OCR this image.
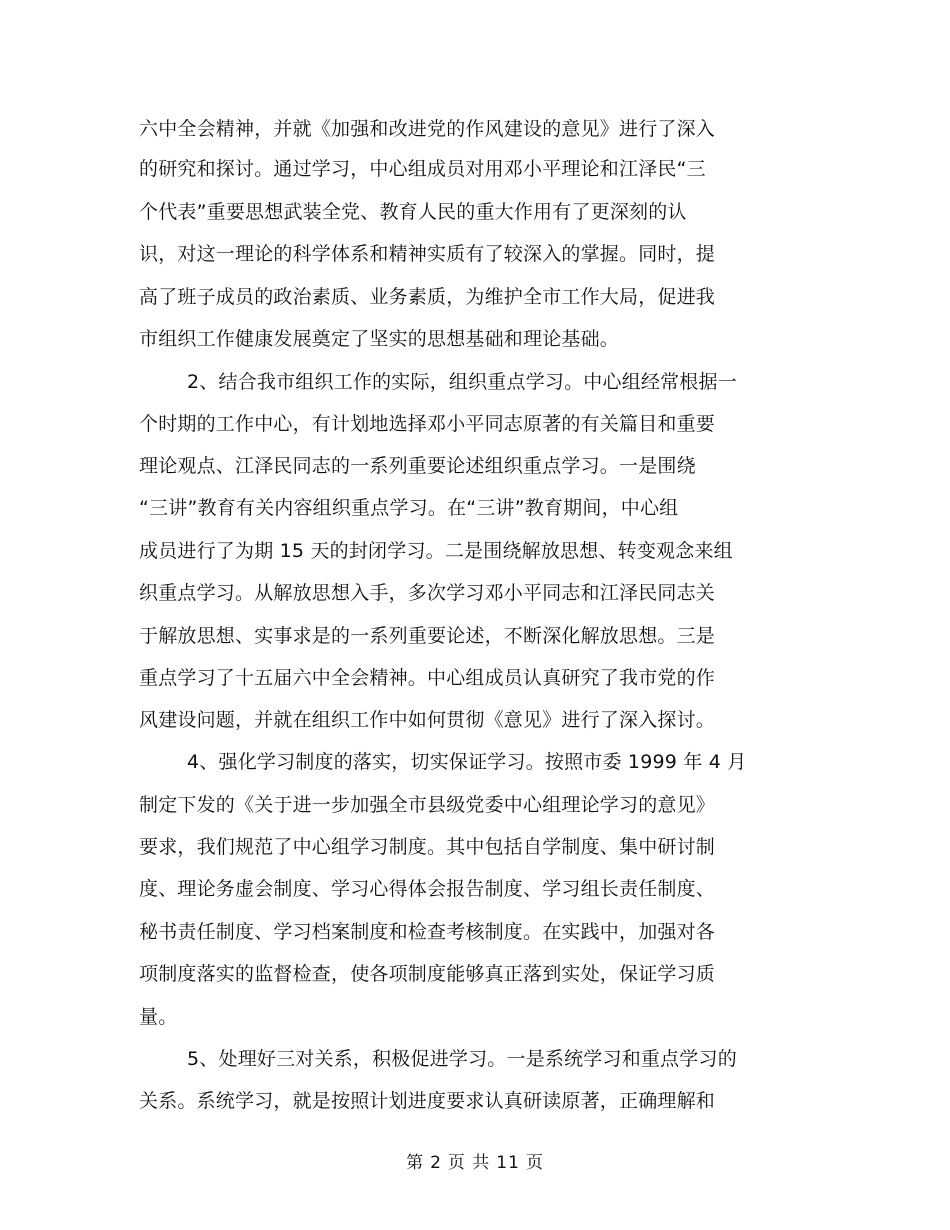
六中全会精神，并就《加强和改进党的作风建设的意见》进行了深入
的研究和探讨。通过学习，中心组成员对用邓小平理论和江泽民“三
个代表”重要思想武装全党、教育人民的重大作用有了更深刻的认
识，对这一理论的科学体系和精神实质有了较深入的掌握。同时，提
高了班子成员的政治素质、业务素质，为维护全市工作大局，促进我
市组织工作健康发展奠定了坚实的思想基础和理论基础。
2、结合我市组织工作的实际，组织重点学习。中心组经常根据一
个时期的工作中心，有计划地选择邓小平同志原著的有关篇目和重要
理论观点、江泽民同志的一系列重要论述组织重点学习。一是围绕
“三讲”教育有关内容组织重点学习。在“三讲”教育期间，中心组
成员进行了为期 15 天的封闭学习。二是围绕解放思想、转变观念来组
织重点学习。从解放思想入手，多次学习邓小平同志和江泽民同志关
于解放思想、实事求是的一系列重要论述，不断深化解放思想。三是
重点学习了十五届六中全会精神。中心组成员认真研究了我市党的作
风建设问题，并就在组织工作中如何贯彻《意见》进行了深入探讨。
4、强化学习制度的落实，切实保证学习。按照市委 1999 年 4 月
制定下发的《关于进一步加强全市县级党委中心组理论学习的意见》
要求，我们规范了中心组学习制度。其中包括自学制度、集中研讨制
度、理论务虚会制度、学习心得体会报告制度、学习组长责任制度、
秘书责任制度、学习档案制度和检查考核制度。在实践中，加强对各
项制度落实的监督检查，使各项制度能够真正落到实处，保证学习质
量。
5、处理好三对关系，积极促进学习。一是系统学习和重点学习的
关系。系统学习，就是按照计划进度要求认真研读原著，正确理解和
第 2 页 共 11 页
